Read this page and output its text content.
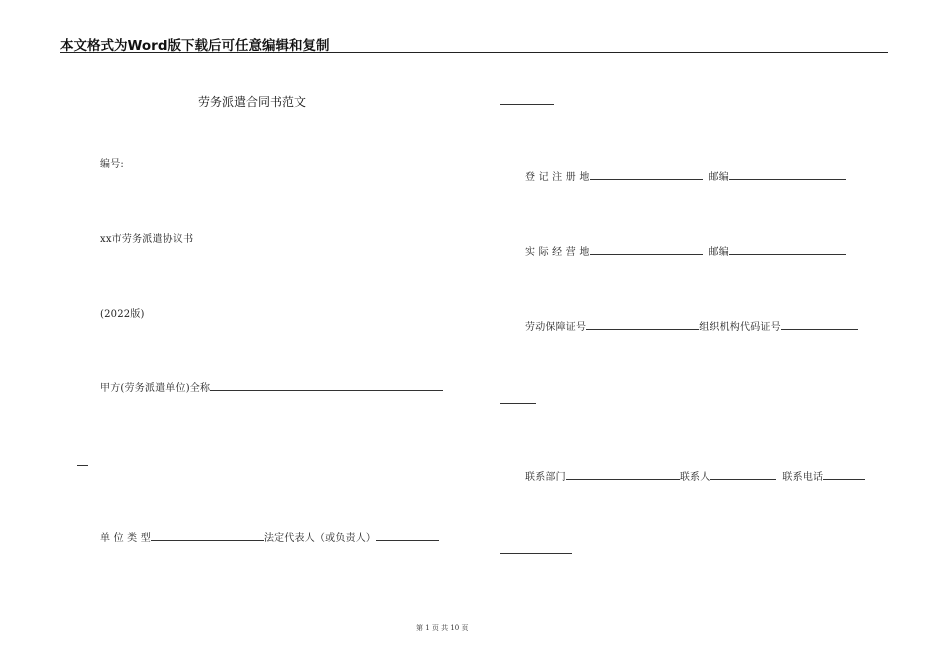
本文格式为Word版下载后可任意编辑和复制
劳务派遣合同书范文
编号:
xx市劳务派遣协议书
(2022版)
甲方(劳务派遣单位)全称
单 位 类 型	法定代表人（或负责人）
登 记 注 册 地	邮编
实 际 经 营 地	邮编
劳动保障证号	组织机构代码证号
联系部门	联系人	联系电话
第 1 页 共 10 页
